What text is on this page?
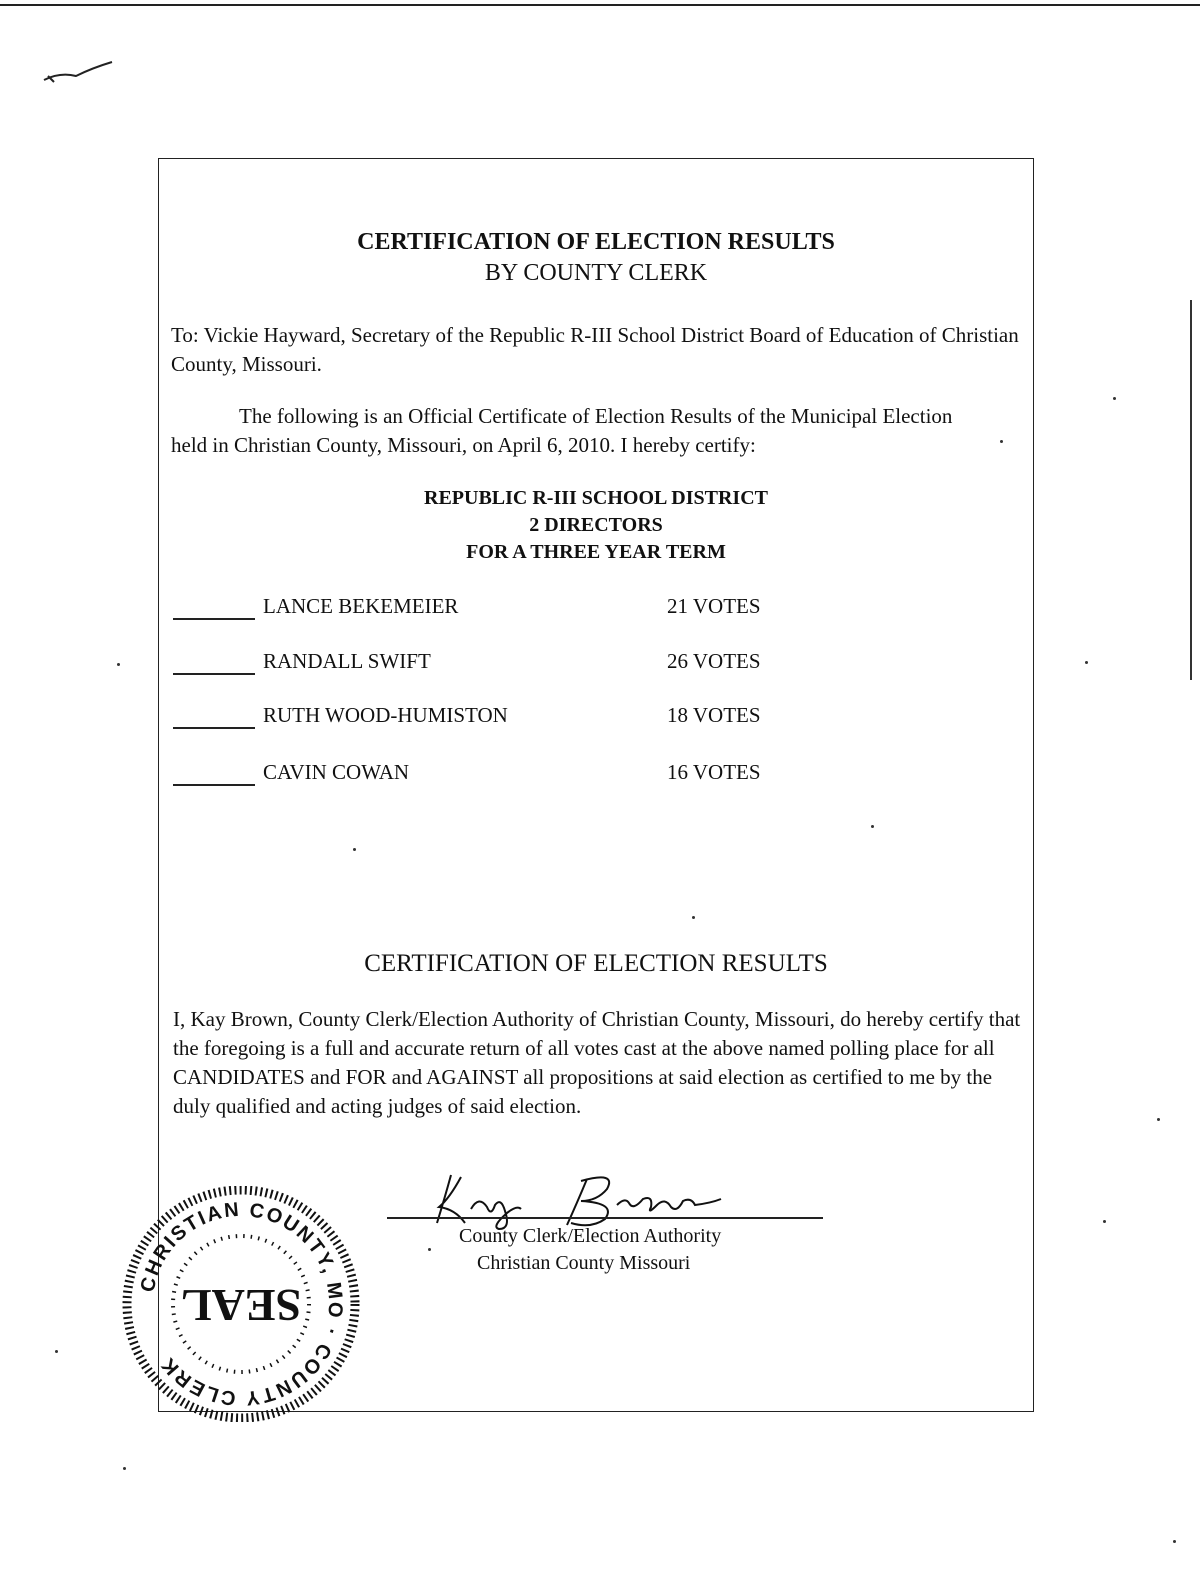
CERTIFICATION OF ELECTION RESULTS
BY COUNTY CLERK
To: Vickie Hayward, Secretary of the Republic R-III School District Board of Education of Christian County, Missouri.
The following is an Official Certificate of Election Results of the Municipal Election held in Christian County, Missouri, on April 6, 2010. I hereby certify:
REPUBLIC R-III SCHOOL DISTRICT
2 DIRECTORS
FOR A THREE YEAR TERM
LANCE BEKEMEIER	21 VOTES
RANDALL SWIFT	26 VOTES
RUTH WOOD-HUMISTON	18 VOTES
CAVIN COWAN	16 VOTES
CERTIFICATION OF ELECTION RESULTS
I, Kay Brown, County Clerk/Election Authority of Christian County, Missouri, do hereby certify that the foregoing is a full and accurate return of all votes cast at the above named polling place for all CANDIDATES and FOR and AGAINST all propositions at said election as certified to me by the duly qualified and acting judges of said election.
County Clerk/Election Authority
Christian County Missouri
CHRISTIAN COUNTY, MO · COUNTY CLERK
SEAL
